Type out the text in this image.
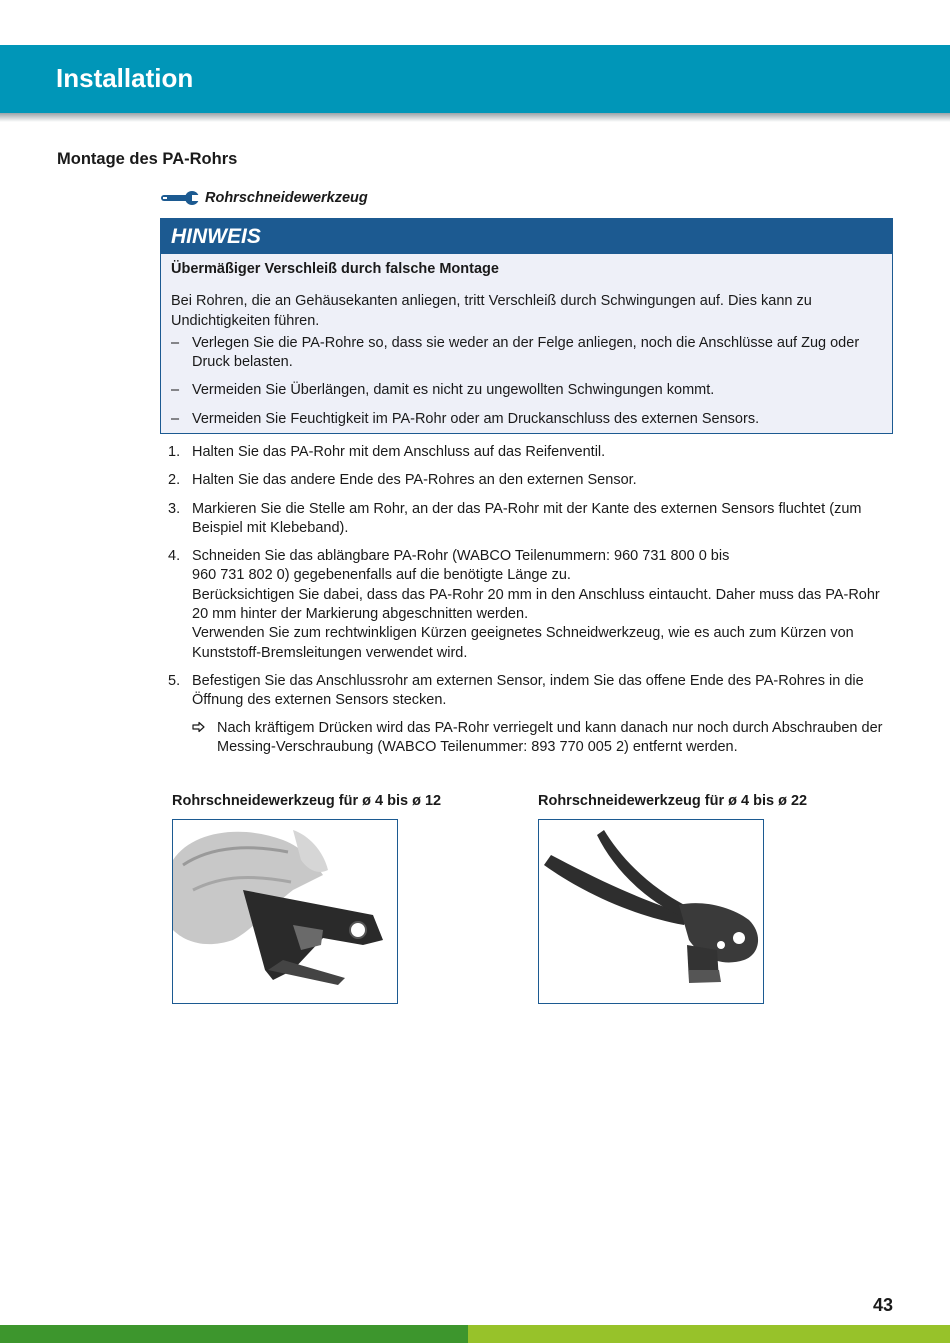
Installation
Montage des PA-Rohrs
Rohrschneidewerkzeug
HINWEIS
Übermäßiger Verschleiß durch falsche Montage
Bei Rohren, die an Gehäusekanten anliegen, tritt Verschleiß durch Schwingungen auf. Dies kann zu Undichtigkeiten führen.
– Verlegen Sie die PA-Rohre so, dass sie weder an der Felge anliegen, noch die Anschlüsse auf Zug oder Druck belasten.
– Vermeiden Sie Überlängen, damit es nicht zu ungewollten Schwingungen kommt.
– Vermeiden Sie Feuchtigkeit im PA-Rohr oder am Druckanschluss des externen Sensors.
1. Halten Sie das PA-Rohr mit dem Anschluss auf das Reifenventil.
2. Halten Sie das andere Ende des PA-Rohres an den externen Sensor.
3. Markieren Sie die Stelle am Rohr, an der das PA-Rohr mit der Kante des externen Sensors fluchtet (zum Beispiel mit Klebeband).
4. Schneiden Sie das ablängbare PA-Rohr (WABCO Teilenummern: 960 731 800 0 bis
960 731 802 0) gegebenenfalls auf die benötigte Länge zu.
Berücksichtigen Sie dabei, dass das PA-Rohr 20 mm in den Anschluss eintaucht. Daher muss das PA-Rohr 20 mm hinter der Markierung abgeschnitten werden.
Verwenden Sie zum rechtwinkligen Kürzen geeignetes Schneidwerkzeug, wie es auch zum Kürzen von Kunststoff-Bremsleitungen verwendet wird.
5. Befestigen Sie das Anschlussrohr am externen Sensor, indem Sie das offene Ende des PA-Rohres in die Öffnung des externen Sensors stecken.
Nach kräftigem Drücken wird das PA-Rohr verriegelt und kann danach nur noch durch Abschrauben der Messing-Verschraubung (WABCO Teilenummer: 893 770 005 2) entfernt werden.
Rohrschneidewerkzeug für ø 4 bis ø 12	Rohrschneidewerkzeug für ø 4 bis ø 22
43
